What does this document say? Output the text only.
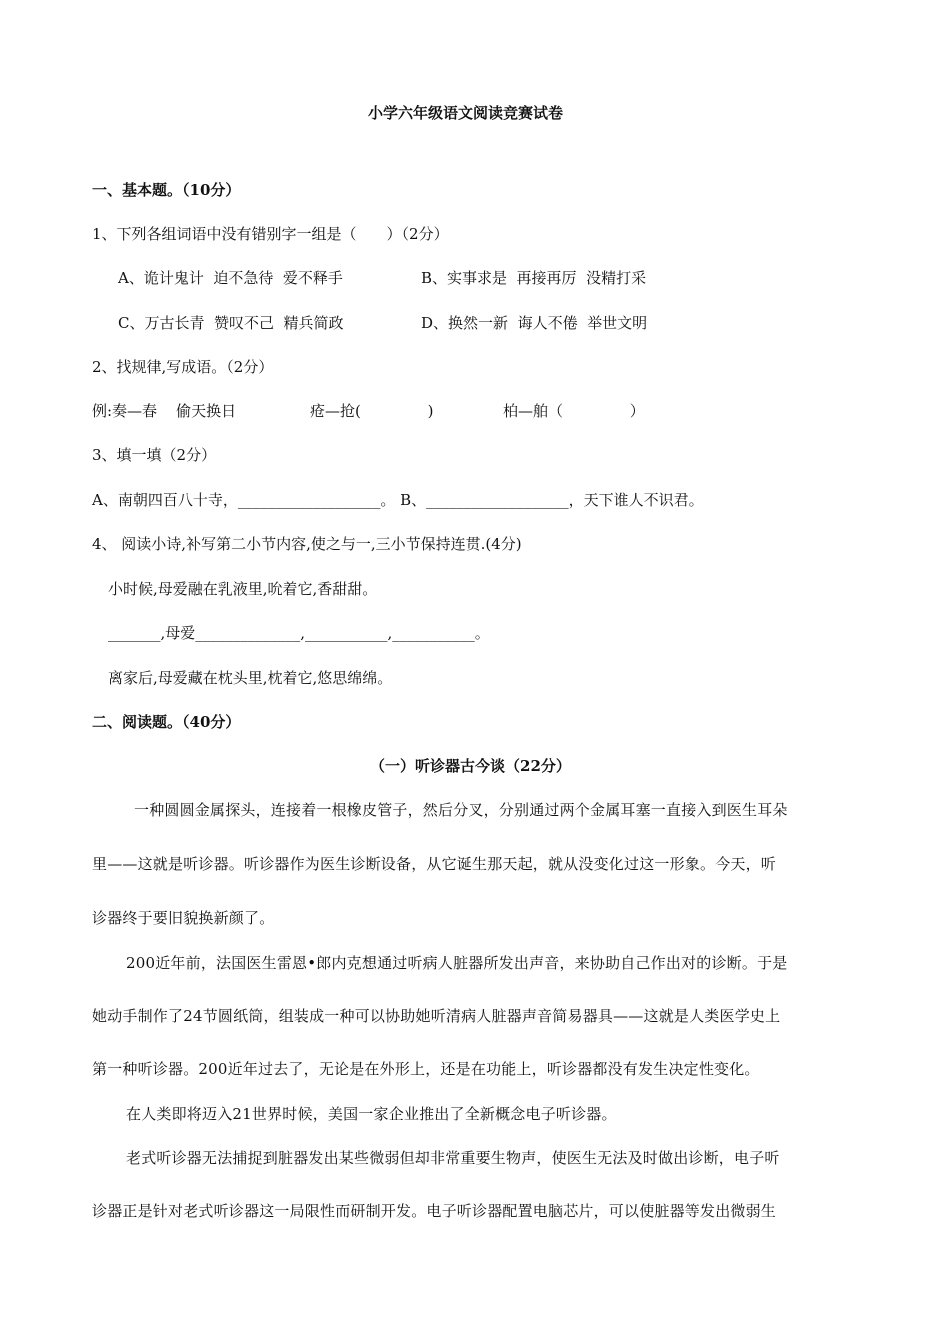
小学六年级语文阅读竞赛试卷
一、基本题。（10分）
1、下列各组词语中没有错别字一组是（　　）（2分）
A、诡计鬼计  迫不急待  爱不释手	B、实事求是  再接再厉  没精打采
C、万古长青  赞叹不己  精兵简政	D、换然一新  诲人不倦  举世文明
2、找规律,写成语。（2分）
例:奏—春    偷天换日	疮—抢(              )	柏—舶（              ）
3、填一填（2分）
A、南朝四百八十寺，___________________。 B、___________________，天下谁人不识君。
4、 阅读小诗,补写第二小节内容,使之与一,三小节保持连贯.(4分)
小时候,母爱融在乳液里,吮着它,香甜甜。
_______,母爱______________,___________,___________。
离家后,母爱藏在枕头里,枕着它,悠思绵绵。
二、阅读题。（40分）
（一）听诊器古今谈（22分）
一种圆圆金属探头，连接着一根橡皮管子，然后分叉，分别通过两个金属耳塞一直接入到医生耳朵
里——这就是听诊器。听诊器作为医生诊断设备，从它诞生那天起，就从没变化过这一形象。今天，听
诊器终于要旧貌换新颜了。
200近年前，法国医生雷恩•郎内克想通过听病人脏器所发出声音，来协助自己作出对的诊断。于是
她动手制作了24节圆纸筒，组装成一种可以协助她听清病人脏器声音简易器具——这就是人类医学史上
第一种听诊器。200近年过去了，无论是在外形上，还是在功能上，听诊器都没有发生决定性变化。
在人类即将迈入21世界时候，美国一家企业推出了全新概念电子听诊器。
老式听诊器无法捕捉到脏器发出某些微弱但却非常重要生物声，使医生无法及时做出诊断，电子听
诊器正是针对老式听诊器这一局限性而研制开发。电子听诊器配置电脑芯片，可以使脏器等发出微弱生
